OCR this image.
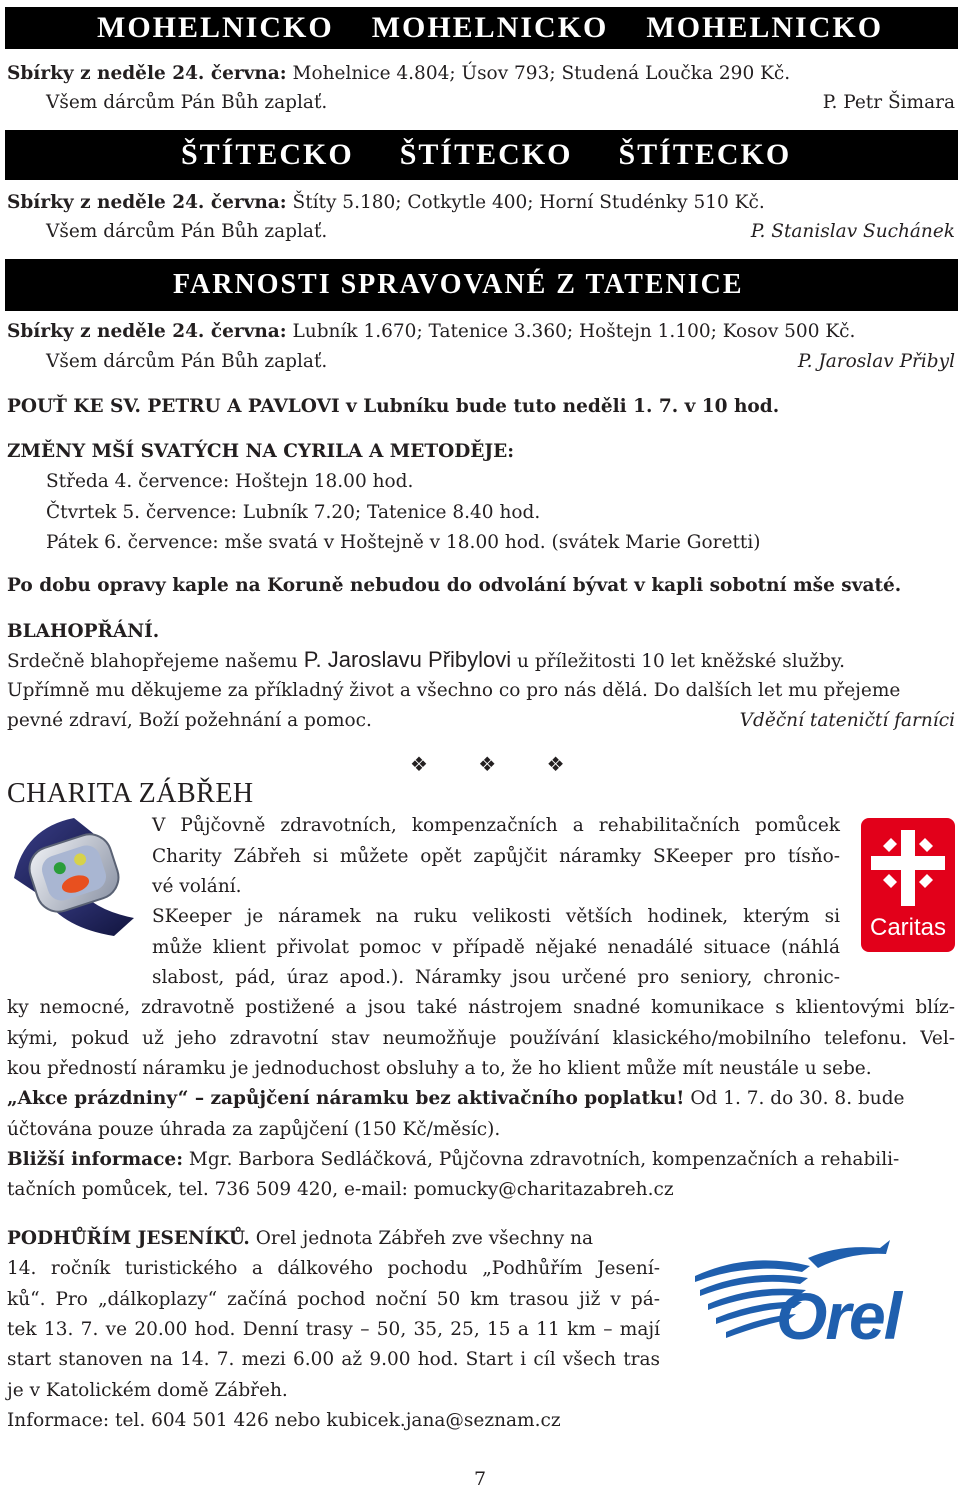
MOHELNICKO MOHELNICKO MOHELNICKO
Sbírky z neděle 24. června: Mohelnice 4.804; Úsov 793; Studená Loučka 290 Kč.
Všem dárcům Pán Bůh zaplať.	P. Petr Šimara
ŠTÍTECKO ŠTÍTECKO ŠTÍTECKO
Sbírky z neděle 24. června: Štíty 5.180; Cotkytle 400; Horní Studénky 510 Kč.
Všem dárcům Pán Bůh zaplať.	P. Stanislav Suchánek
FARNOSTI SPRAVOVANÉ Z TATENICE
Sbírky z neděle 24. června: Lubník 1.670; Tatenice 3.360; Hoštejn 1.100; Kosov 500 Kč.
Všem dárcům Pán Bůh zaplať.	P. Jaroslav Přibyl
POUŤ KE SV. PETRU A PAVLOVI v Lubníku bude tuto neděli 1. 7. v 10 hod.
ZMĚNY MŠÍ SVATÝCH NA CYRILA A METODĚJE:
Středa 4. července: Hoštejn 18.00 hod.
Čtvrtek 5. července: Lubník 7.20; Tatenice 8.40 hod.
Pátek 6. července: mše svatá v Hoštejně v 18.00 hod. (svátek Marie Goretti)
Po dobu opravy kaple na Koruně nebudou do odvolání bývat v kapli sobotní mše svaté.
BLAHOPŘÁNÍ.
Srdečně blahopřejeme našemu P. Jaroslavu Přibylovi u příležitosti 10 let kněžské služby.
Upřímně mu děkujeme za příkladný život a všechno co pro nás dělá. Do dalších let mu přejeme
pevné zdraví, Boží požehnání a pomoc.	Vděční tateničtí farníci
❖ ❖ ❖
CHARITA ZÁBŘEH
V Půjčovně zdravotních, kompenzačních a rehabilitačních pomůcek
Charity Zábřeh si můžete opět zapůjčit náramky SKeeper pro tísňo-
vé volání.
SKeeper je náramek na ruku velikosti větších hodinek, kterým si
může klient přivolat pomoc v případě nějaké nenadálé situace (náhlá
slabost, pád, úraz apod.). Náramky jsou určené pro seniory, chronic-
Caritas
ky nemocné, zdravotně postižené a jsou také nástrojem snadné komunikace s klientovými blíz-
kými, pokud už jeho zdravotní stav neumožňuje používání klasického/mobilního telefonu. Vel-
kou předností náramku je jednoduchost obsluhy a to, že ho klient může mít neustále u sebe.
„Akce prázdniny“ – zapůjčení náramku bez aktivačního poplatku! Od 1. 7. do 30. 8. bude
účtována pouze úhrada za zapůjčení (150 Kč/měsíc).
Bližší informace: Mgr. Barbora Sedláčková, Půjčovna zdravotních, kompenzačních a rehabili-
tačních pomůcek, tel. 736 509 420, e-mail: pomucky@charitazabreh.cz
PODHŮŘÍM JESENÍKŮ. Orel jednota Zábřeh zve všechny na
14. ročník turistického a dálkového pochodu „Podhůřím Jesení-
ků“. Pro „dálkoplazy“ začíná pochod noční 50 km trasou již v pá-
tek 13. 7. ve 20.00 hod. Denní trasy – 50, 35, 25, 15 a 11 km – mají
start stanoven na 14. 7. mezi 6.00 až 9.00 hod. Start i cíl všech tras
je v Katolickém domě Zábřeh.
Informace: tel. 604 501 426 nebo kubicek.jana@seznam.cz
Orel
7
